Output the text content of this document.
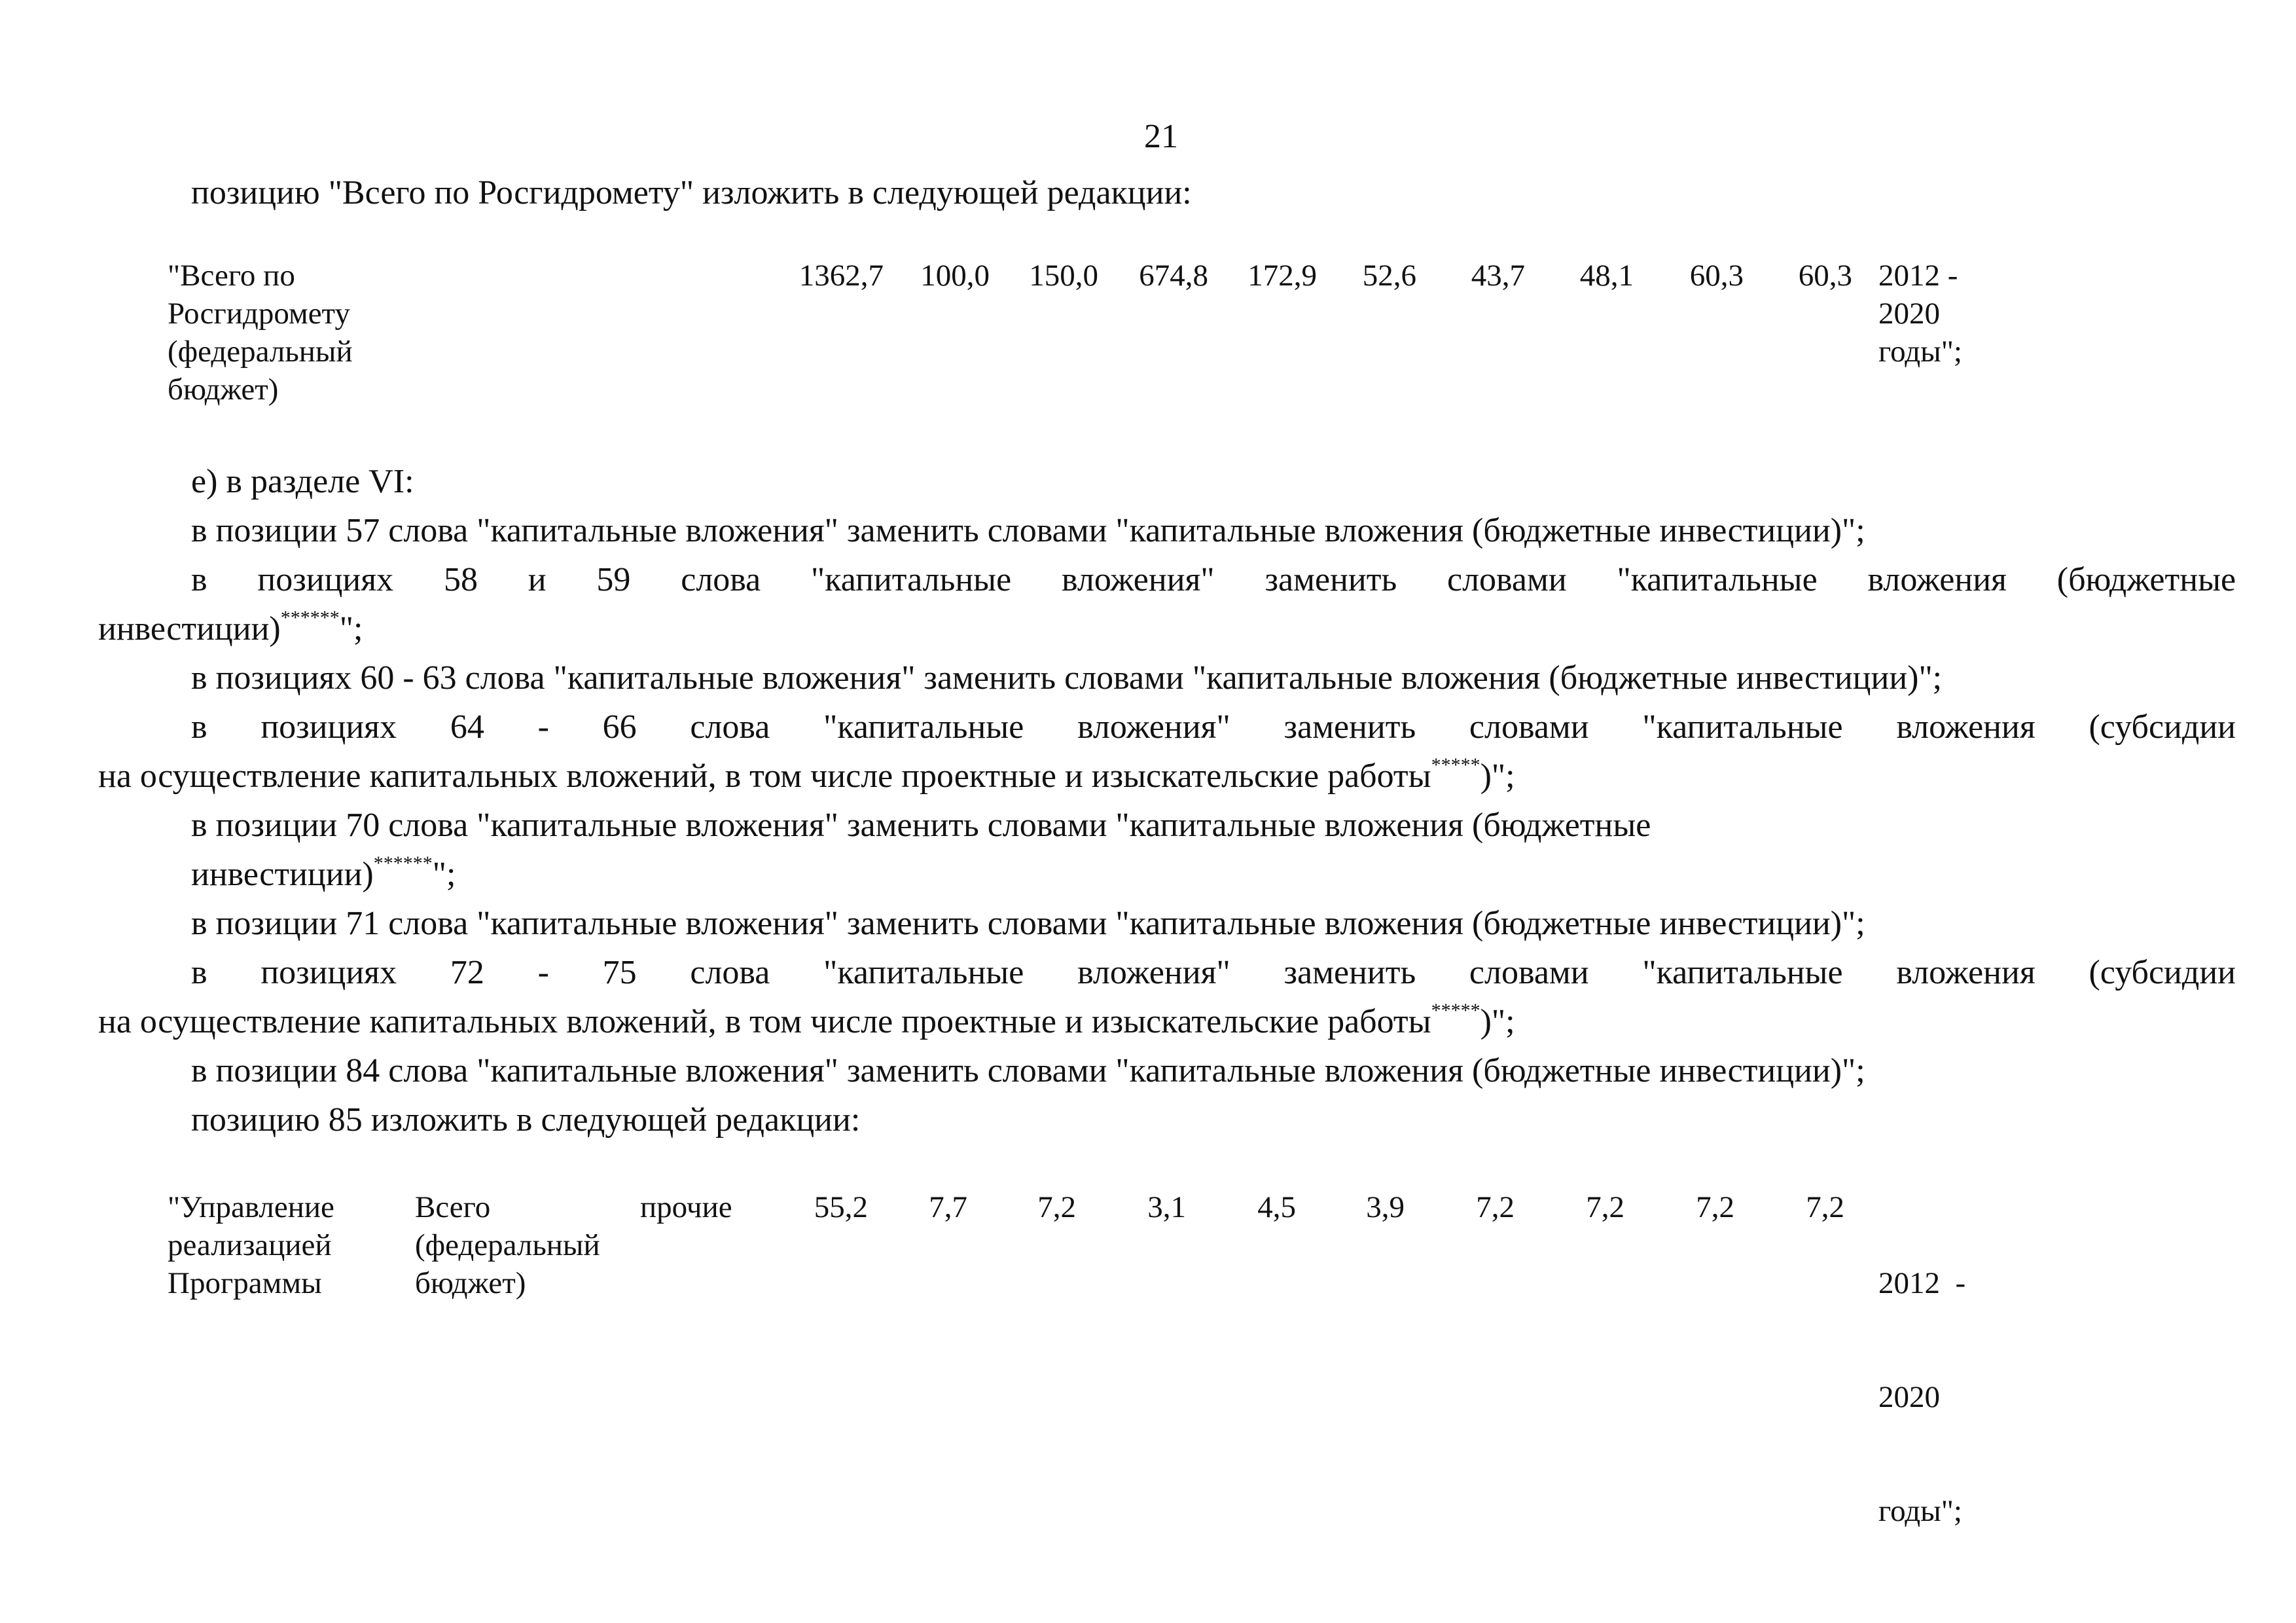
21
позицию "Всего по Росгидромету" изложить в следующей редакции:
"Всего по
Росгидромету
(федеральный
бюджет)
1362,7	100,0	150,0	674,8	172,9	52,6	43,7	48,1	60,3	60,3 2012 -
2020
годы";
е) в разделе VI:
в позиции 57 слова "капитальные вложения" заменить словами "капитальные вложения (бюджетные инвестиции)";
в позициях 58 и 59 слова "капитальные вложения" заменить словами "капитальные вложения (бюджетные
инвестиции)******";
в позициях 60 - 63 слова "капитальные вложения" заменить словами "капитальные вложения (бюджетные инвестиции)";
в позициях 64 - 66 слова "капитальные вложения" заменить словами "капитальные вложения (субсидии
на осуществление капитальных вложений, в том числе проектные и изыскательские работы*****)";
в позиции 70 слова "капитальные вложения" заменить словами "капитальные вложения (бюджетные
инвестиции)******";
в позиции 71 слова "капитальные вложения" заменить словами "капитальные вложения (бюджетные инвестиции)";
в позициях 72 - 75 слова "капитальные вложения" заменить словами "капитальные вложения (субсидии
на осуществление капитальных вложений, в том числе проектные и изыскательские работы*****)";
в позиции 84 слова "капитальные вложения" заменить словами "капитальные вложения (бюджетные инвестиции)";
позицию 85 изложить в следующей редакции:
"Управление
реализацией
Программы
Всего
(федеральный
бюджет)
прочие	55,2	7,7	7,2	3,1	4,5	3,9	7,2	7,2	7,2	7,2

2012  -

2020

годы";
